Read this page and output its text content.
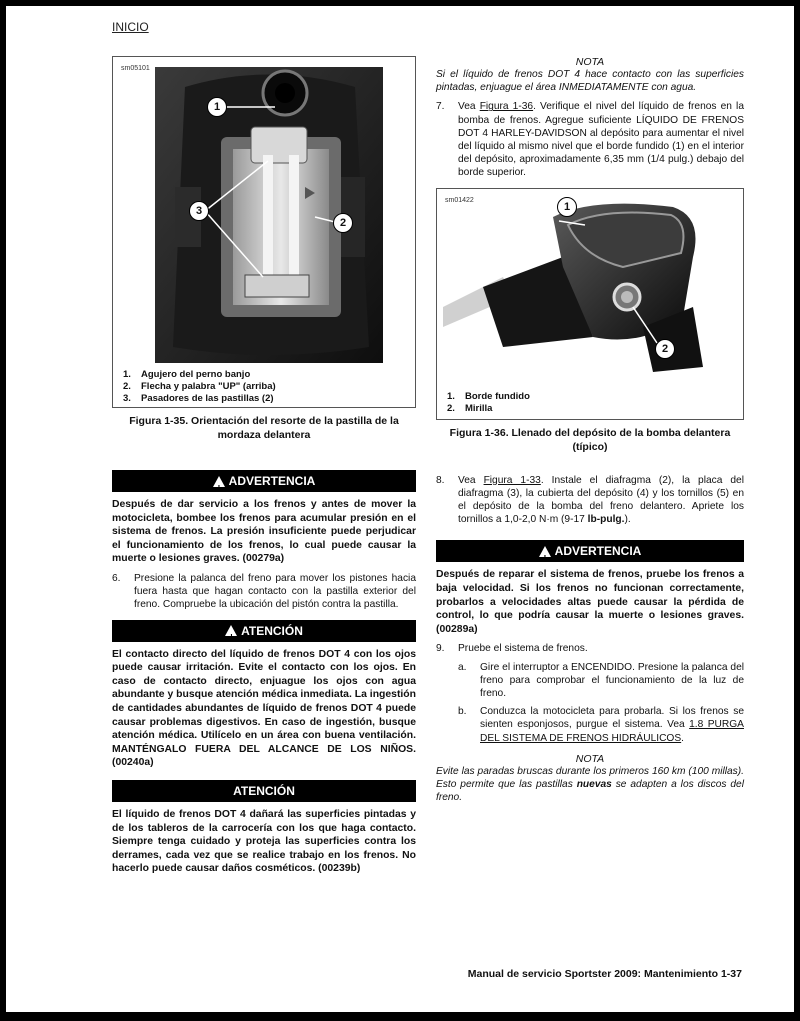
INICIO
sm05101
1
2
3
1.	Agujero del perno banjo
2.	Flecha y palabra "UP" (arriba)
3.	Pasadores de las pastillas (2)
Figura 1-35. Orientación del resorte de la pastilla de la mordaza delantera
! ADVERTENCIA
Después de dar servicio a los frenos y antes de mover la motocicleta, bombee los frenos para acumular presión en el sistema de frenos. La presión insuficiente puede perjudicar el funcionamiento de los frenos, lo cual puede causar la muerte o lesiones graves. (00279a)
6.	Presione la palanca del freno para mover los pistones hacia fuera hasta que hagan contacto con la pastilla exterior del freno. Compruebe la ubicación del pistón contra la pastilla.
! ATENCIÓN
El contacto directo del líquido de frenos DOT 4 con los ojos puede causar irritación. Evite el contacto con los ojos. En caso de contacto directo, enjuague los ojos con agua abundante y busque atención médica inmediata. La ingestión de cantidades abundantes de líquido de frenos DOT 4 puede causar problemas digestivos. En caso de ingestión, busque atención médica. Utilícelo en un área con buena ventilación. MANTÉNGALO FUERA DEL ALCANCE DE LOS NIÑOS. (00240a)
ATENCIÓN
El líquido de frenos DOT 4 dañará las superficies pintadas y de los tableros de la carrocería con los que haga contacto. Siempre tenga cuidado y proteja las superficies contra los derrames, cada vez que se realice trabajo en los frenos. No hacerlo puede causar daños cosméticos. (00239b)
NOTA
Si el líquido de frenos DOT 4 hace contacto con las superficies pintadas, enjuague el área INMEDIATAMENTE con agua.
7.	Vea Figura 1-36. Verifique el nivel del líquido de frenos en la bomba de frenos. Agregue suficiente LÍQUIDO DE FRENOS DOT 4 HARLEY-DAVIDSON al depósito para aumentar el nivel del líquido al mismo nivel que el borde fundido (1) en el interior del depósito, aproximadamente 6,35 mm (1/4 pulg.) debajo del borde superior.
sm01422
1
2
1.	Borde fundido
2.	Mirilla
Figura 1-36. Llenado del depósito de la bomba delantera (típico)
8.	Vea Figura 1-33. Instale el diafragma (2), la placa del diafragma (3), la cubierta del depósito (4) y los tornillos (5) en el depósito de la bomba del freno delantero. Apriete los tornillos a 1,0-2,0 N·m (9-17 lb-pulg.).
! ADVERTENCIA
Después de reparar el sistema de frenos, pruebe los frenos a baja velocidad. Si los frenos no funcionan correctamente, probarlos a velocidades altas puede causar la pérdida de control, lo que podría causar la muerte o lesiones graves. (00289a)
9.	Pruebe el sistema de frenos.
a.	Gire el interruptor a ENCENDIDO. Presione la palanca del freno para comprobar el funcionamiento de la luz de freno.
b.	Conduzca la motocicleta para probarla. Si los frenos se sienten esponjosos, purgue el sistema. Vea 1.8 PURGA DEL SISTEMA DE FRENOS HIDRÁULICOS.
NOTA
Evite las paradas bruscas durante los primeros 160 km (100 millas). Esto permite que las pastillas nuevas se adapten a los discos del freno.
Manual de servicio Sportster 2009: Mantenimiento 1-37
